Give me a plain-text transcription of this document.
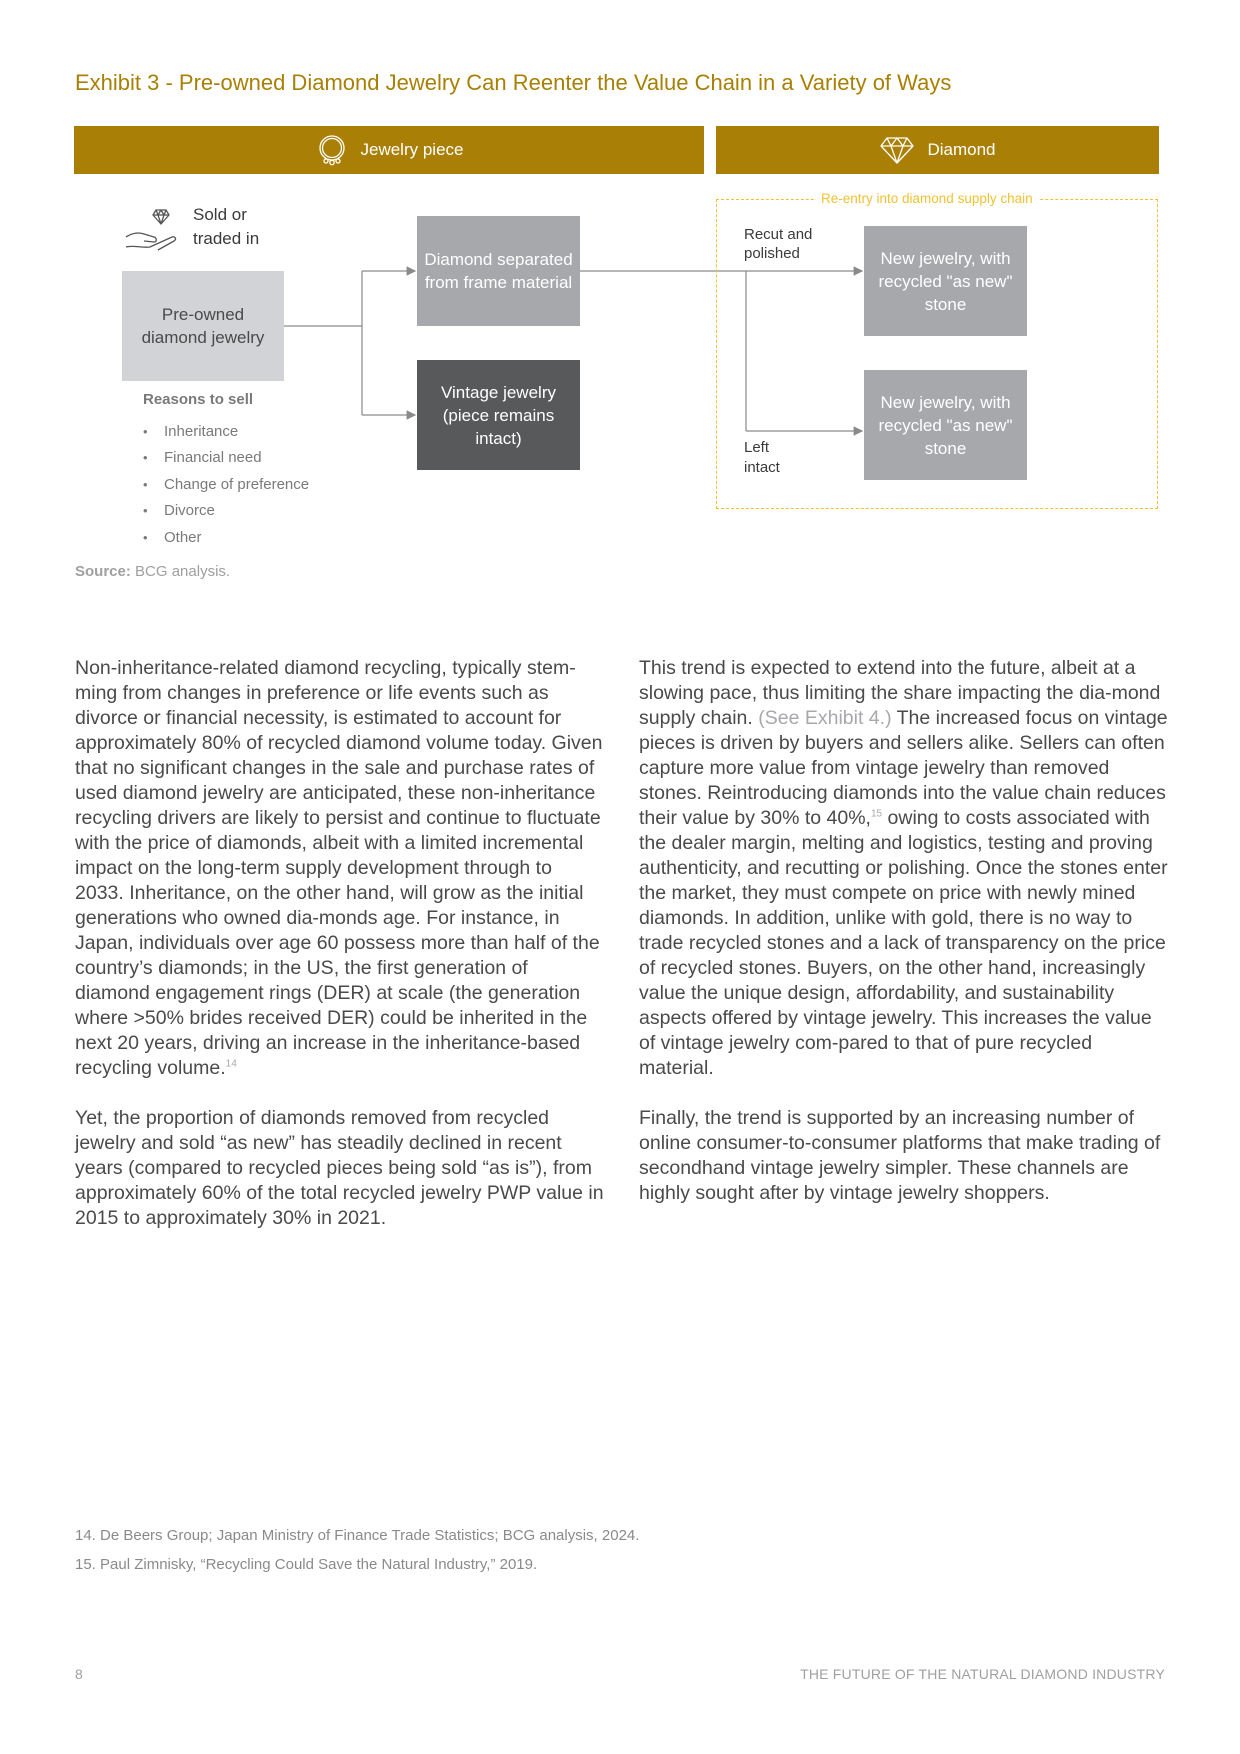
Exhibit 3 - Pre-owned Diamond Jewelry Can Reenter the Value Chain in a Variety of Ways
Jewelry piece	Diamond
Sold or
traded in
Pre-owned diamond jewelry
Diamond separated from frame material
Vintage jewelry (piece remains intact)
Reasons to sell
•	Inheritance
•	Financial need
•	Change of preference
•	Divorce
•	Other
Re-entry into diamond supply chain
Recut and
polished
Left
intact
New jewelry, with recycled "as new" stone
New jewelry, with recycled "as new" stone
Source: BCG analysis.

Non-inheritance-related diamond recycling, typically stem-ming from changes in preference or life events such as divorce or financial necessity, is estimated to account for approximately 80% of recycled diamond volume today. Given that no significant changes in the sale and purchase rates of used diamond jewelry are anticipated, these non-inheritance recycling drivers are likely to persist and continue to fluctuate with the price of diamonds, albeit with a limited incremental impact on the long-term supply development through to 2033. Inheritance, on the other hand, will grow as the initial generations who owned dia-monds age. For instance, in Japan, individuals over age 60 possess more than half of the country’s diamonds; in the US, the first generation of diamond engagement rings (DER) at scale (the generation where >50% brides received DER) could be inherited in the next 20 years, driving an increase in the inheritance-based recycling volume.$^{14}$

Yet, the proportion of diamonds removed from recycled jewelry and sold “as new” has steadily declined in recent years (compared to recycled pieces being sold “as is”), from approximately 60% of the total recycled jewelry PWP value in 2015 to approximately 30% in 2021.

This trend is expected to extend into the future, albeit at a slowing pace, thus limiting the share impacting the dia-mond supply chain. (See Exhibit 4.) The increased focus on vintage pieces is driven by buyers and sellers alike. Sellers can often capture more value from vintage jewelry than removed stones. Reintroducing diamonds into the value chain reduces their value by 30% to 40%,$^{15}$ owing to costs associated with the dealer margin, melting and logistics, testing and proving authenticity, and recutting or polishing. Once the stones enter the market, they must compete on price with newly mined diamonds. In addition, unlike with gold, there is no way to trade recycled stones and a lack of transparency on the price of recycled stones. Buyers, on the other hand, increasingly value the unique design, affordability, and sustainability aspects offered by vintage jewelry. This increases the value of vintage jewelry com-pared to that of pure recycled material.

Finally, the trend is supported by an increasing number of online consumer-to-consumer platforms that make trading of secondhand vintage jewelry simpler. These channels are highly sought after by vintage jewelry shoppers.

14. De Beers Group; Japan Ministry of Finance Trade Statistics; BCG analysis, 2024.
15. Paul Zimnisky, “Recycling Could Save the Natural Industry,” 2019.
8	THE FUTURE OF THE NATURAL DIAMOND INDUSTRY
